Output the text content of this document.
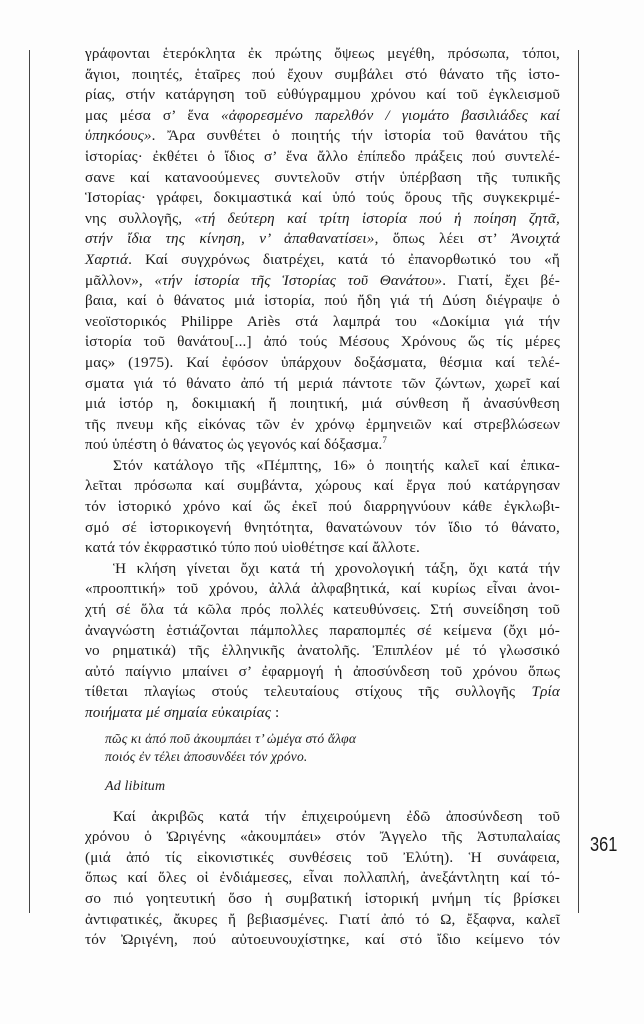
γράφονται ἑτερόκλητα ἐκ πρώτης ὄψεως μεγέθη, πρόσωπα, τόποι,
ἅγιοι, ποιητές, ἑταῖρες πού ἔχουν συμβάλει στό θάνατο τῆς ἱστο-
ρίας, στήν κατάργηση τοῦ εὐθύγραμμου χρόνου καί τοῦ ἐγκλεισμοῦ
μας μέσα σ’ ἕνα «ἀφορεσμένο παρελθόν / γιομάτο βασιλιάδες καί
ὑπηκόους». Ἄρα συνθέτει ὁ ποιητής τήν ἱστορία τοῦ θανάτου τῆς
ἱστορίας· ἐκθέτει ὁ ἴδιος σ’ ἕνα ἄλλο ἐπίπεδο πράξεις πού συντελέ-
σανε καί κατανοούμενες συντελοῦν στήν ὑπέρβαση τῆς τυπικῆς
Ἱστορίας· γράφει, δοκιμαστικά καί ὑπό τούς ὅρους τῆς συγκεκριμέ-
νης συλλογῆς, «τή δεύτερη καί τρίτη ἱστορία πού ἡ ποίηση ζητᾶ,
στήν ἴδια της κίνηση, ν’ ἀπαθανατίσει», ὅπως λέει στ’ Ἀνοιχτά
Χαρτιά. Καί συγχρόνως διατρέχει, κατά τό ἐπανορθωτικό του «ἤ
μᾶλλον», «τήν ἱστορία τῆς Ἱστορίας τοῦ Θανάτου». Γιατί, ἔχει βέ-
βαια, καί ὁ θάνατος μιά ἱστορία, πού ἤδη γιά τή Δύση διέγραψε ὁ
νεοϊστορικός Philippe Ariès στά λαμπρά του «Δοκίμια γιά τήν
ἱστορία τοῦ θανάτου[...] ἀπό τούς Μέσους Χρόνους ὥς τίς μέρες
μας» (1975). Καί ἐφόσον ὑπάρχουν δοξάσματα, θέσμια καί τελέ-
σματα γιά τό θάνατο ἀπό τή μεριά πάντοτε τῶν ζώντων, χωρεῖ καί
μιά ἱστόρ η, δοκιμιακή ἤ ποιητική, μιά σύνθεση ἤ ἀνασύνθεση
τῆς πνευμ κῆς εἰκόνας τῶν ἐν χρόνῳ ἑρμηνειῶν καί στρεβλώσεων
πού ὑπέστη ὁ θάνατος ὡς γεγονός καί δόξασμα.$^7$
Στόν κατάλογο τῆς «Πέμπτης, 16» ὁ ποιητής καλεῖ καί ἐπικα-
λεῖται πρόσωπα καί συμβάντα, χώρους καί ἔργα πού κατάργησαν
τόν ἱστορικό χρόνο καί ὥς ἐκεῖ πού διαρρηγνύουν κάθε ἐγκλωβι-
σμό σέ ἱστορικογενή θνητότητα, θανατώνουν τόν ἴδιο τό θάνατο,
κατά τόν ἐκφραστικό τύπο πού υἱοθέτησε καί ἄλλοτε.
Ἡ κλήση γίνεται ὄχι κατά τή χρονολογική τάξη, ὄχι κατά τήν
«προοπτική» τοῦ χρόνου, ἀλλά ἀλφαβητικά, καί κυρίως εἶναι ἀνοι-
χτή σέ ὅλα τά κῶλα πρός πολλές κατευθύνσεις. Στή συνείδηση τοῦ
ἀναγνώστη ἑστιάζονται πάμπολλες παραπομπές σέ κείμενα (ὄχι μό-
νο ρηματικά) τῆς ἑλληνικῆς ἀνατολῆς. Ἐπιπλέον μέ τό γλωσσικό
αὐτό παίγνιο μπαίνει σ’ ἐφαρμογή ἡ ἀποσύνδεση τοῦ χρόνου ὅπως
τίθεται πλαγίως στούς τελευταίους στίχους τῆς συλλογῆς Τρία
ποιήματα μέ σημαία εὐκαιρίας :
πῶς κι ἀπό ποῦ ἀκουμπάει τ’ ὠμέγα στό ἄλφα
ποιός ἐν τέλει ἀποσυνδέει τόν χρόνο.
Ad libitum
Καί ἀκριβῶς κατά τήν ἐπιχειρούμενη ἐδῶ ἀποσύνδεση τοῦ
χρόνου ὁ Ὠριγένης «ἀκουμπάει» στόν Ἄγγελο τῆς Ἀστυπαλαίας
(μιά ἀπό τίς εἰκονιστικές συνθέσεις τοῦ Ἐλύτη). Ἡ συνάφεια,
ὅπως καί ὅλες οἱ ἐνδιάμεσες, εἶναι πολλαπλή, ἀνεξάντλητη καί τό-
σο πιό γοητευτική ὅσο ἡ συμβατική ἱστορική μνήμη τίς βρίσκει
ἀντιφατικές, ἄκυρες ἤ βεβιασμένες. Γιατί ἀπό τό Ω, ἔξαφνα, καλεῖ
τόν Ὠριγένη, πού αὐτοευνουχίστηκε, καί στό ἴδιο κείμενο τόν
361
